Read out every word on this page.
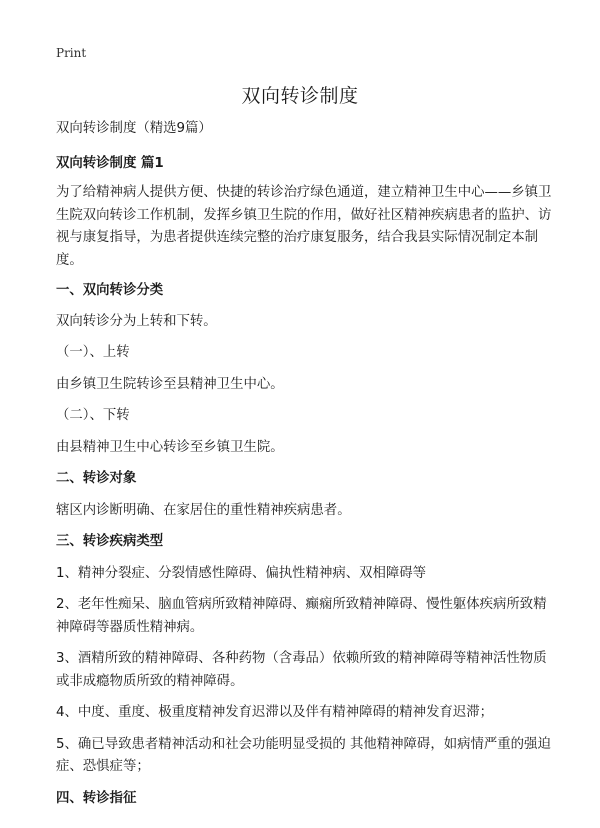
Print
双向转诊制度

双向转诊制度（精选9篇）

双向转诊制度 篇1

为了给精神病人提供方便、快捷的转诊治疗绿色通道，建立精神卫生中心——乡镇卫生院双向转诊工作机制，发挥乡镇卫生院的作用，做好社区精神疾病患者的监护、访视与康复指导，为患者提供连续完整的治疗康复服务，结合我县实际情况制定本制度。

一、双向转诊分类

双向转诊分为上转和下转。

（一）、上转

由乡镇卫生院转诊至县精神卫生中心。

（二）、下转

由县精神卫生中心转诊至乡镇卫生院。

二、转诊对象

辖区内诊断明确、在家居住的重性精神疾病患者。

三、转诊疾病类型

1、精神分裂症、分裂情感性障碍、偏执性精神病、双相障碍等

2、老年性痴呆、脑血管病所致精神障碍、癫痫所致精神障碍、慢性躯体疾病所致精神障碍等器质性精神病。

3、酒精所致的精神障碍、各种药物（含毒品）依赖所致的精神障碍等精神活性物质或非成瘾物质所致的精神障碍。

4、中度、重度、极重度精神发育迟滞以及伴有精神障碍的精神发育迟滞；

5、确已导致患者精神活动和社会功能明显受损的 其他精神障碍，如病情严重的强迫症、恐惧症等；

四、转诊指征
